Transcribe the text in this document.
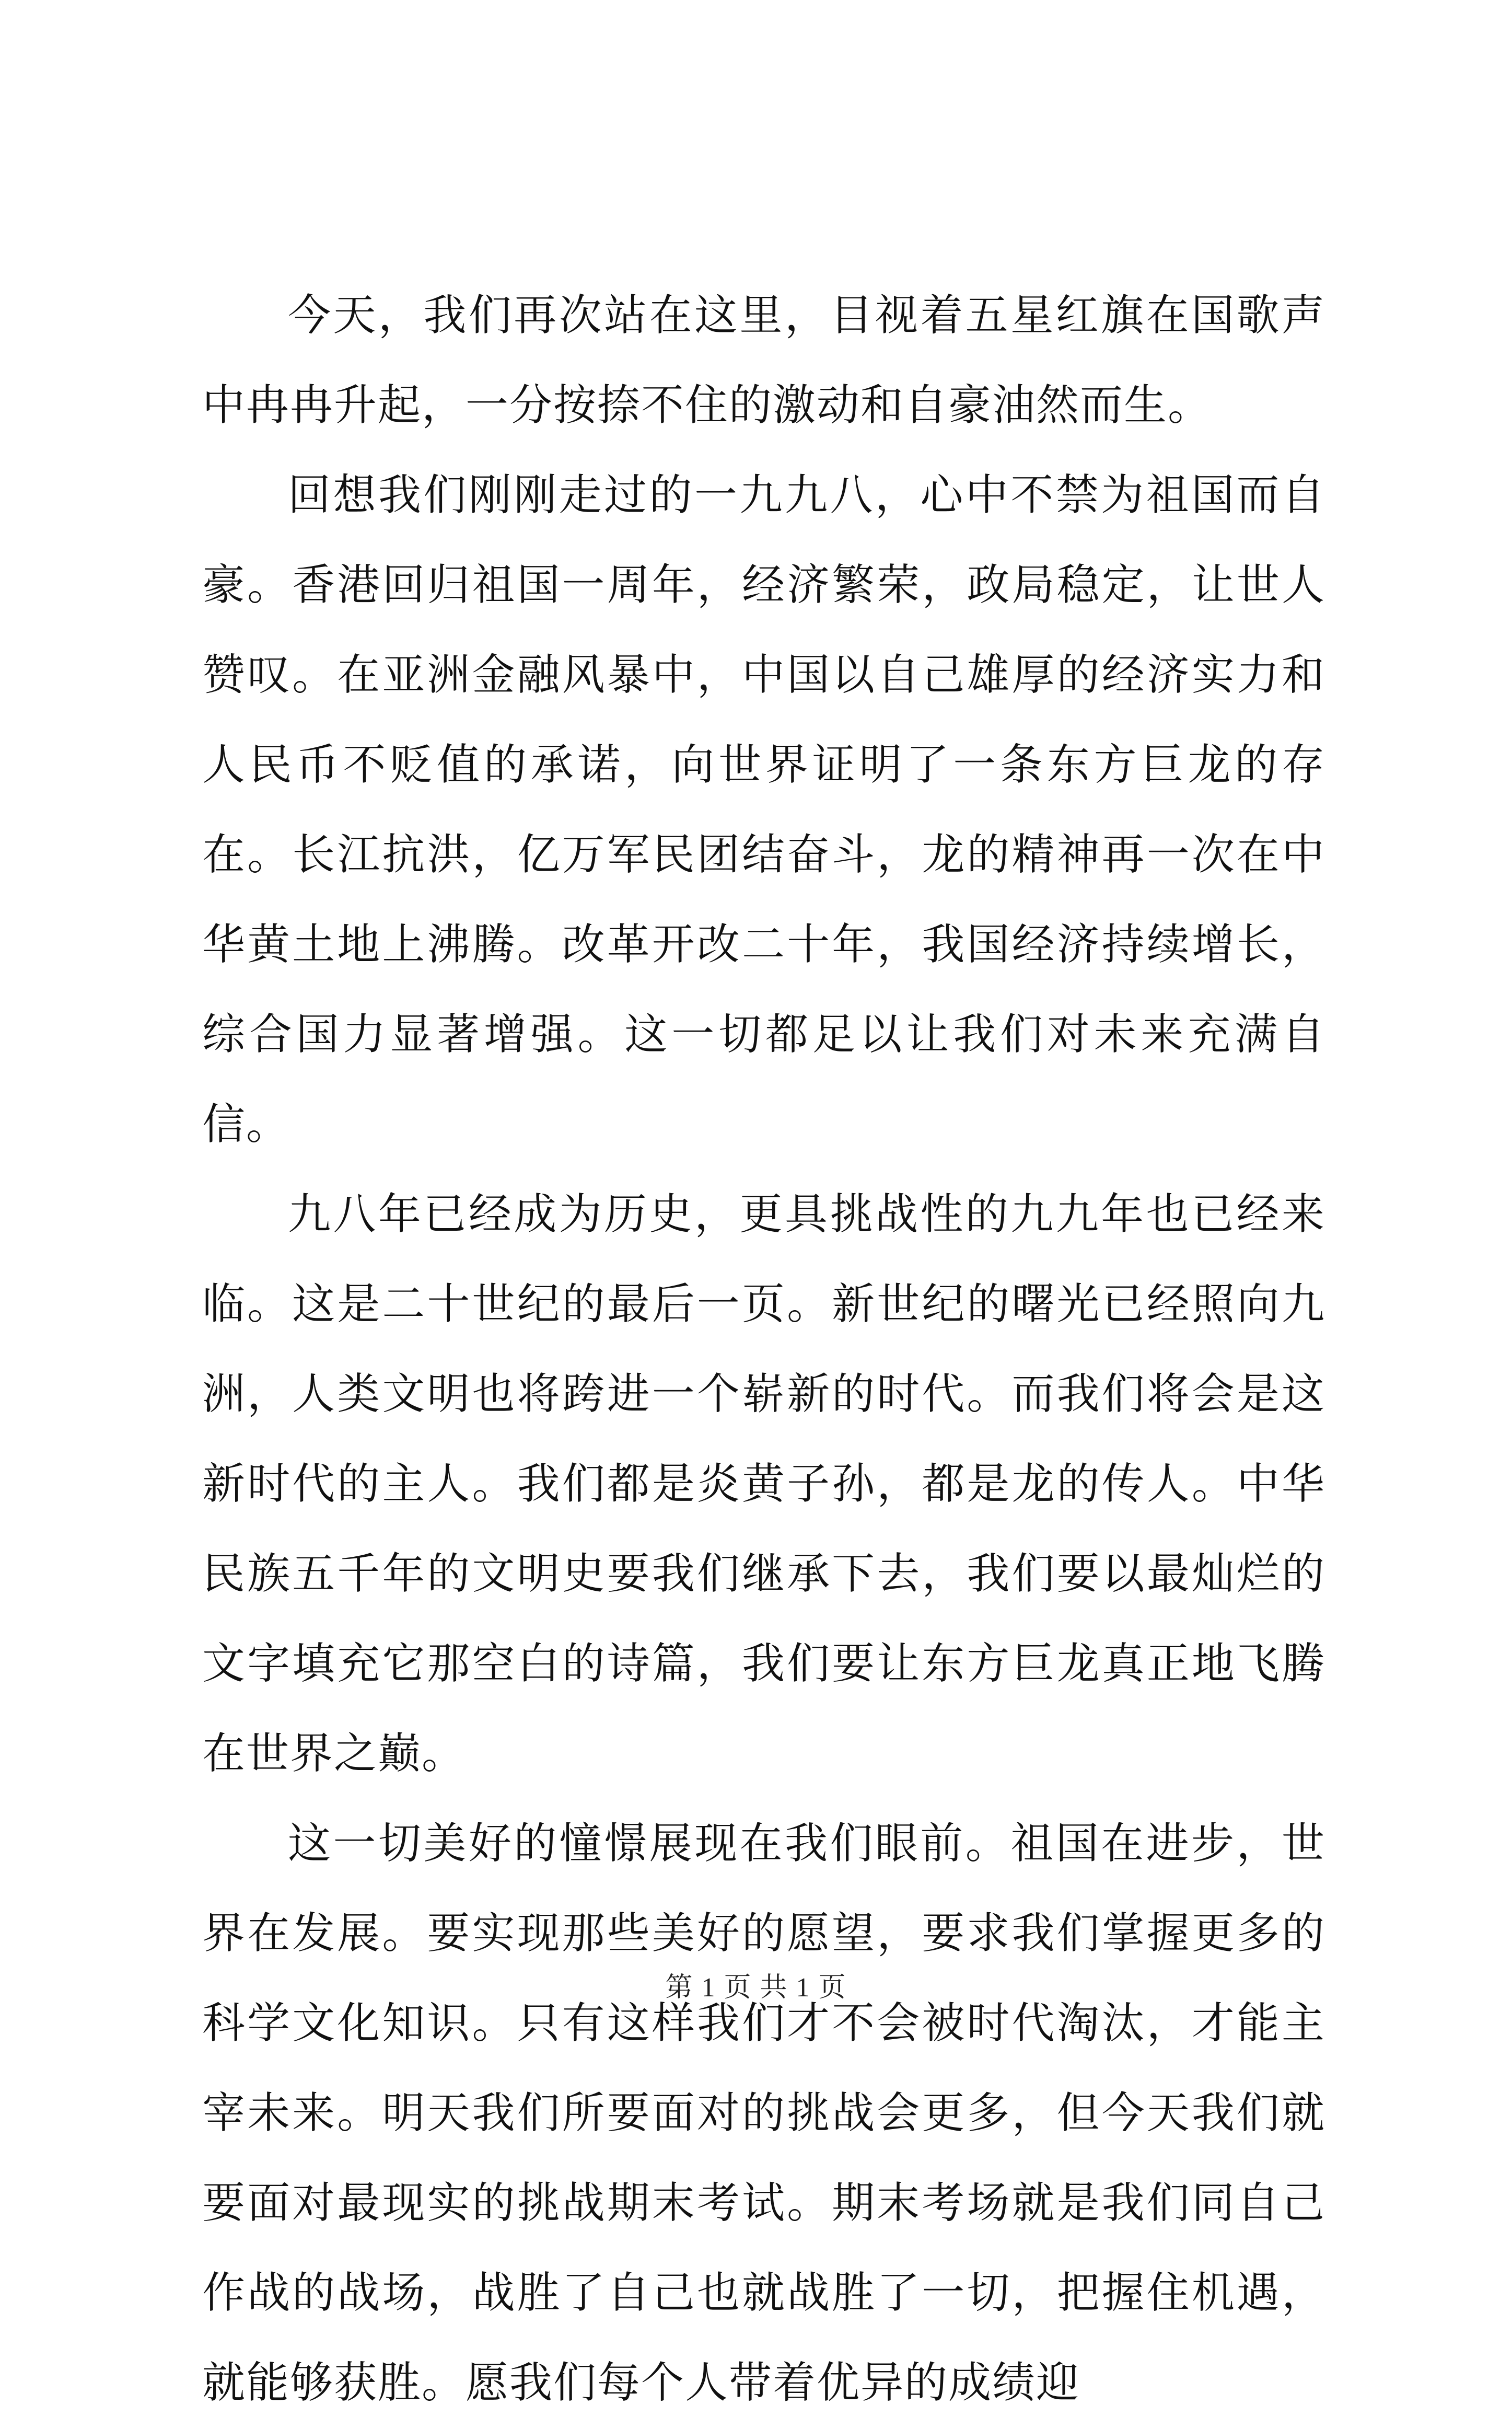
今天，我们再次站在这里，目视着五星红旗在国歌声中冉冉升起，一分按捺不住的激动和自豪油然而生。

回想我们刚刚走过的一九九八，心中不禁为祖国而自豪。香港回归祖国一周年，经济繁荣，政局稳定，让世人赞叹。在亚洲金融风暴中，中国以自己雄厚的经济实力和人民币不贬值的承诺，向世界证明了一条东方巨龙的存在。长江抗洪，亿万军民团结奋斗，龙的精神再一次在中华黄土地上沸腾。改革开改二十年，我国经济持续增长，综合国力显著增强。这一切都足以让我们对未来充满自信。

九八年已经成为历史，更具挑战性的九九年也已经来临。这是二十世纪的最后一页。新世纪的曙光已经照向九洲，人类文明也将跨进一个崭新的时代。而我们将会是这新时代的主人。我们都是炎黄子孙，都是龙的传人。中华民族五千年的文明史要我们继承下去，我们要以最灿烂的文字填充它那空白的诗篇，我们要让东方巨龙真正地飞腾在世界之巅。

这一切美好的憧憬展现在我们眼前。祖国在进步，世界在发展。要实现那些美好的愿望，要求我们掌握更多的科学文化知识。只有这样我们才不会被时代淘汰，才能主宰未来。明天我们所要面对的挑战会更多，但今天我们就要面对最现实的挑战期末考试。期末考场就是我们同自己作战的战场，战胜了自己也就战胜了一切，把握住机遇，就能够获胜。愿我们每个人带着优异的成绩迎

第 1 页 共 1 页
